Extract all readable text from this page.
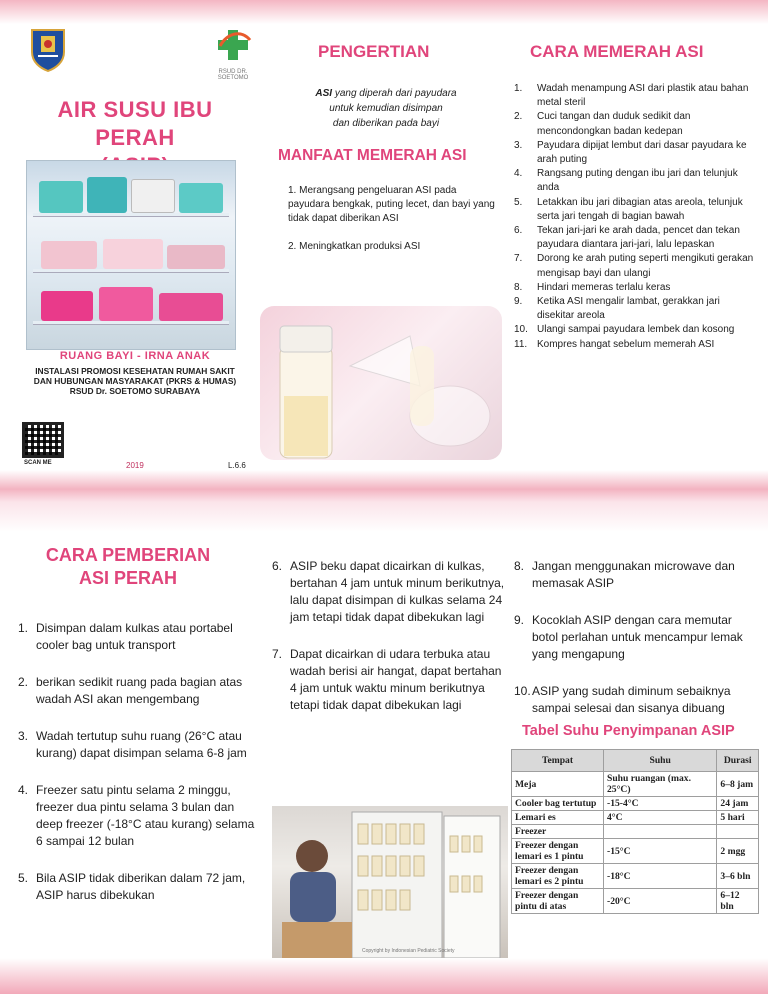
RSUD DR. SOETOMO
AIR SUSU IBU PERAH
RUANG BAYI - IRNA ANAK
INSTALASI PROMOSI KESEHATAN RUMAH SAKIT
DAN HUBUNGAN MASYARAKAT (PKRS & HUMAS)
RSUD Dr. SOETOMO SURABAYA
SCAN ME	2019	L.6.6
PENGERTIAN
ASI yang diperah dari payudara
untuk kemudian disimpan
dan diberikan pada bayi
MANFAAT MEMERAH ASI

1. Merangsang pengeluaran ASI pada payudara bengkak, puting lecet, dan bayi yang tidak dapat diberikan ASI

2. Meningkatkan produksi ASI

CARA MEMERAH ASI
1.	Wadah menampung ASI dari plastik atau bahan metal steril
2.	Cuci tangan dan duduk sedikit dan mencondongkan badan kedepan
3.	Payudara dipijat lembut dari dasar payudara ke arah puting
4.	Rangsang puting dengan ibu jari dan telunjuk anda
5.	Letakkan ibu jari dibagian atas areola, telunjuk serta jari tengah di bagian bawah
6.	Tekan jari-jari ke arah dada, pencet dan tekan payudara diantara jari-jari, lalu lepaskan
7.	Dorong ke arah puting seperti mengikuti gerakan mengisap bayi dan ulangi
8.	Hindari memeras terlalu keras
9.	Ketika ASI mengalir lambat, gerakkan jari disekitar areola
10. Ulangi sampai payudara lembek dan kosong
11. Kompres hangat sebelum memerah ASI
CARA PEMBERIAN
ASI PERAH
1. Disimpan dalam kulkas atau portabel cooler bag untuk transport
2. berikan sedikit ruang pada bagian atas wadah ASI akan mengembang
3. Wadah tertutup suhu ruang (26°C atau kurang) dapat disimpan selama 6-8 jam
4. Freezer satu pintu selama 2 minggu, freezer dua pintu selama 3 bulan dan deep freezer (-18°C atau kurang) selama 6 sampai 12 bulan
5. Bila ASIP tidak diberikan dalam 72 jam, ASIP harus dibekukan
6. ASIP beku dapat dicairkan di kulkas, bertahan 4 jam untuk minum berikutnya, lalu dapat disimpan di kulkas selama 24 jam tetapi tidak dapat dibekukan lagi
7. Dapat dicairkan di udara terbuka atau wadah berisi air hangat, dapat bertahan 4 jam untuk waktu minum berikutnya tetapi tidak dapat dibekukan lagi
8. Jangan menggunakan microwave dan memasak ASIP
9. Kocoklah ASIP dengan cara memutar botol perlahan untuk mencampur lemak yang mengapung
10. ASIP yang sudah diminum sebaiknya sampai selesai dan sisanya dibuang
Tabel Suhu Penyimpanan ASIP
Tempat	Suhu	Durasi
Meja	Suhu ruangan (max. 25°C)	6–8 jam
Cooler bag tertutup	-15-4°C	24 jam
Lemari es	4°C	5 hari
Freezer		
Freezer dengan lemari es 1 pintu	-15°C	2 mgg
Freezer dengan lemari es 2 pintu	-18°C	3–6 bln
Freezer dengan pintu di atas	-20°C	6–12 bln
Copyright by Indonesian Pediatric Society
